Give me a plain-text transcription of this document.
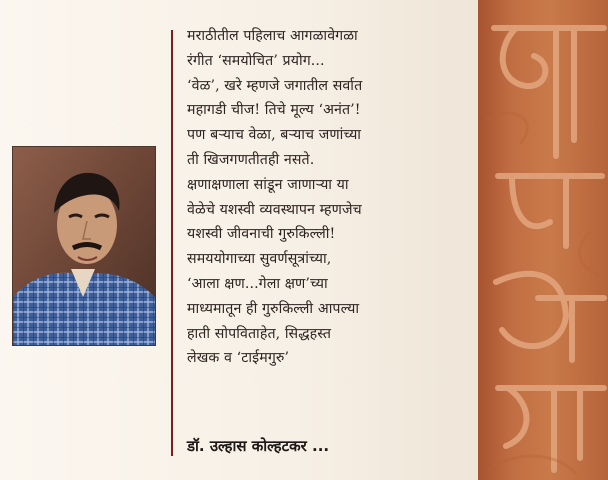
मराठीतील पहिलाच आगळावेगळा
रंगीत ‘समयोचित’ प्रयोग...
‘वेळ’, खरे म्हणजे जगातील सर्वात
महागडी चीज! तिचे मूल्य ‘अनंत’!
पण बऱ्याच वेळा, बऱ्याच जणांच्या
ती खिजगणतीतही नसते.
क्षणाक्षणाला सांडून जाणाऱ्या या
वेळेचे यशस्वी व्यवस्थापन म्हणजेच
यशस्वी जीवनाची गुरुकिल्ली!
समययोगाच्या सुवर्णसूत्रांच्या,
‘आला क्षण...गेला क्षण’च्या
माध्यमातून ही गुरुकिल्ली आपल्या
हाती सोपविताहेत, सिद्धहस्त
लेखक व ‘टाईमगुरु’
डॉ. उल्हास कोल्हटकर ...
